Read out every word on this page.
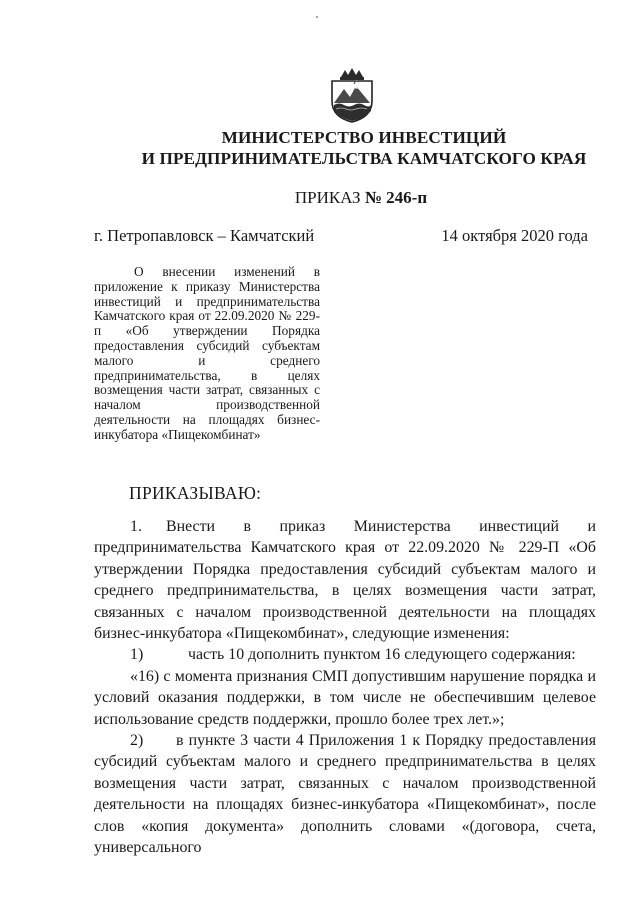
МИНИСТЕРСТВО ИНВЕСТИЦИЙ
И ПРЕДПРИНИМАТЕЛЬСТВА КАМЧАТСКОГО КРАЯ
ПРИКАЗ № 246-п
г. Петропавловск – Камчатский	14 октября 2020 года
О внесении изменений в приложение к приказу Министерства инвестиций и предпринимательства Камчатского края от 22.09.2020 № 229-п «Об утверждении Порядка предоставления субсидий субъектам малого и среднего предпринимательства, в целях возмещения части затрат, связанных с началом производственной деятельности на площадях бизнес-инкубатора «Пищекомбинат»
ПРИКАЗЫВАЮ:

1. Внести в приказ Министерства инвестиций и предпринимательства Камчатского края от 22.09.2020 № 229-П «Об утверждении Порядка предоставления субсидий субъектам малого и среднего предпринимательства, в целях возмещения части затрат, связанных с началом производственной деятельности на площадях бизнес-инкубатора «Пищекомбинат», следующие изменения:

1)	часть 10 дополнить пунктом 16 следующего содержания:

«16) с момента признания СМП допустившим нарушение порядка и условий оказания поддержки, в том числе не обеспечившим целевое использование средств поддержки, прошло более трех лет.»;

2) в пункте 3 части 4 Приложения 1 к Порядку предоставления субсидий субъектам малого и среднего предпринимательства в целях возмещения части затрат, связанных с началом производственной деятельности на площадях бизнес-инкубатора «Пищекомбинат», после слов «копия документа» дополнить словами «(договора, счета, универсального
